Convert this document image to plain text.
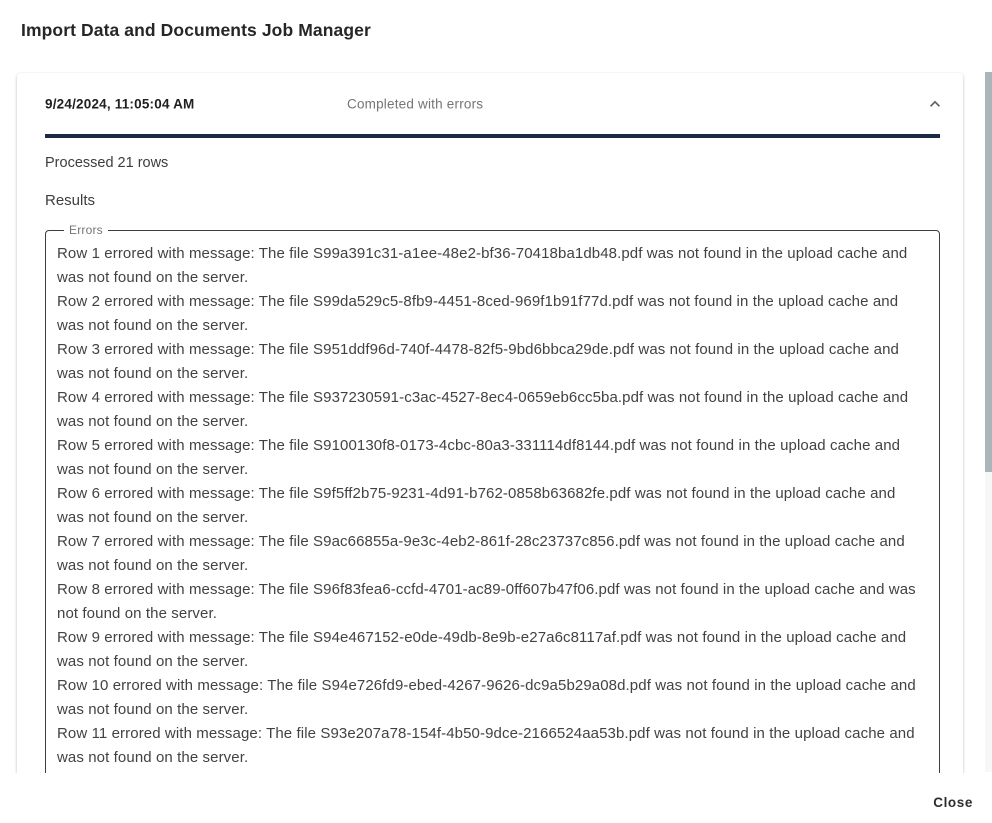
Import Data and Documents Job Manager
9/24/2024, 11:05:04 AM	Completed with errors
Processed 21 rows
Results
Errors
Row 1 errored with message: The file S99a391c31-a1ee-48e2-bf36-70418ba1db48.pdf was not found in the upload cache and was not found on the server.
Row 2 errored with message: The file S99da529c5-8fb9-4451-8ced-969f1b91f77d.pdf was not found in the upload cache and was not found on the server.
Row 3 errored with message: The file S951ddf96d-740f-4478-82f5-9bd6bbca29de.pdf was not found in the upload cache and was not found on the server.
Row 4 errored with message: The file S937230591-c3ac-4527-8ec4-0659eb6cc5ba.pdf was not found in the upload cache and was not found on the server.
Row 5 errored with message: The file S9100130f8-0173-4cbc-80a3-331114df8144.pdf was not found in the upload cache and was not found on the server.
Row 6 errored with message: The file S9f5ff2b75-9231-4d91-b762-0858b63682fe.pdf was not found in the upload cache and was not found on the server.
Row 7 errored with message: The file S9ac66855a-9e3c-4eb2-861f-28c23737c856.pdf was not found in the upload cache and was not found on the server.
Row 8 errored with message: The file S96f83fea6-ccfd-4701-ac89-0ff607b47f06.pdf was not found in the upload cache and was not found on the server.
Row 9 errored with message: The file S94e467152-e0de-49db-8e9b-e27a6c8117af.pdf was not found in the upload cache and was not found on the server.
Row 10 errored with message: The file S94e726fd9-ebed-4267-9626-dc9a5b29a08d.pdf was not found in the upload cache and was not found on the server.
Row 11 errored with message: The file S93e207a78-154f-4b50-9dce-2166524aa53b.pdf was not found in the upload cache and was not found on the server.
Close
